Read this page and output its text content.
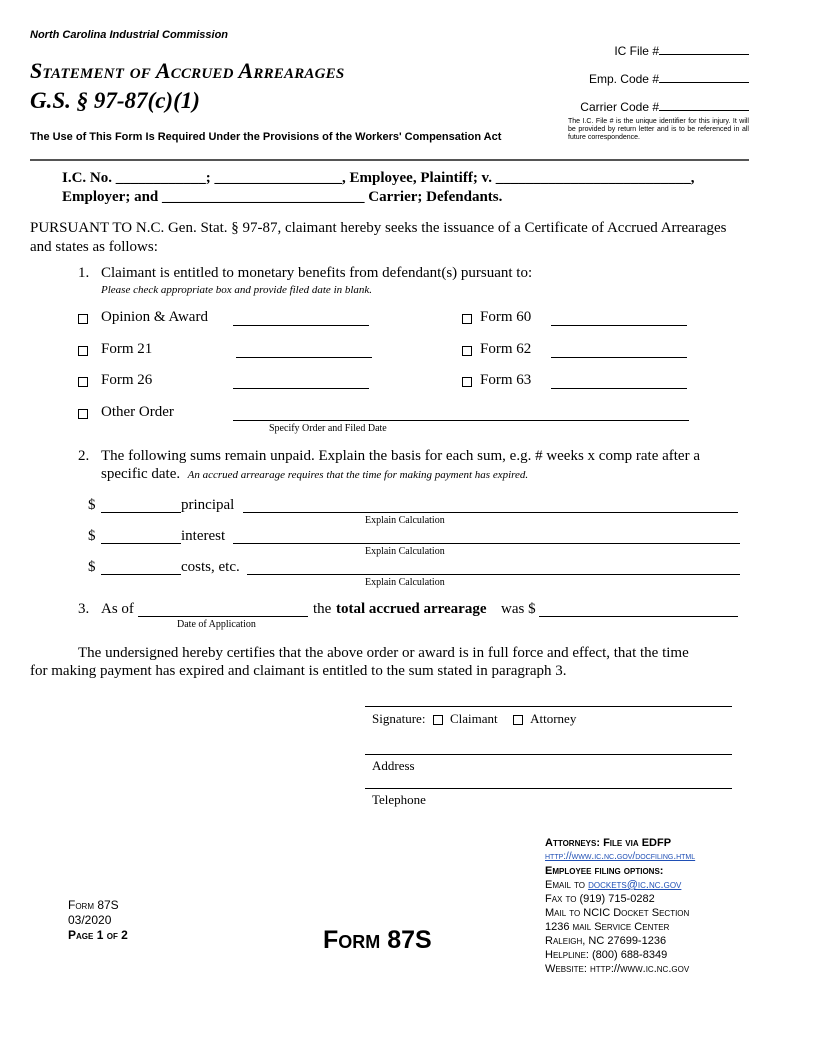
North Carolina Industrial Commission
Statement of Accrued Arrearages
G.S. § 97-87(c)(1)
The Use of This Form Is Required Under the Provisions of the Workers' Compensation Act
IC File #
Emp. Code #
Carrier Code #
The I.C. File # is the unique identifier for this injury. It will be provided by return letter and is to be referenced in all future correspondence.
I.C. No. ____________; _________________, Employee, Plaintiff; v. __________________________,
Employer; and ___________________________ Carrier; Defendants.
PURSUANT TO N.C. Gen. Stat. § 97-87, claimant hereby seeks the issuance of a Certificate of Accrued Arrearages and states as follows:
1. Claimant is entitled to monetary benefits from defendant(s) pursuant to:
Please check appropriate box and provide filed date in blank.
Opinion & Award	Form 60
Form 21	Form 62
Form 26	Form 63
Other Order
Specify Order and Filed Date
2. The following sums remain unpaid. Explain the basis for each sum, e.g. # weeks x comp rate after a
specific date. An accrued arrearage requires that the time for making payment has expired.
$	principal
Explain Calculation
$	interest
Explain Calculation
$	costs, etc.
Explain Calculation
3. As of
Date of Application
the total accrued arrearage was $
The undersigned hereby certifies that the above order or award is in full force and effect, that the time
for making payment has expired and claimant is entitled to the sum stated in paragraph 3.
Signature: Claimant	Attorney
Address
Telephone
Attorneys: File via EDFP
http://www.ic.nc.gov/docfiling.html
Employee filing options:
Email to dockets@ic.nc.gov
Fax to (919) 715-0282
Mail to NCIC Docket Section
1236 mail Service Center
Raleigh, NC 27699-1236
Helpline: (800) 688-8349
Website: http://www.ic.nc.gov
Form 87S
03/2020
Page 1 of 2	Form 87S
